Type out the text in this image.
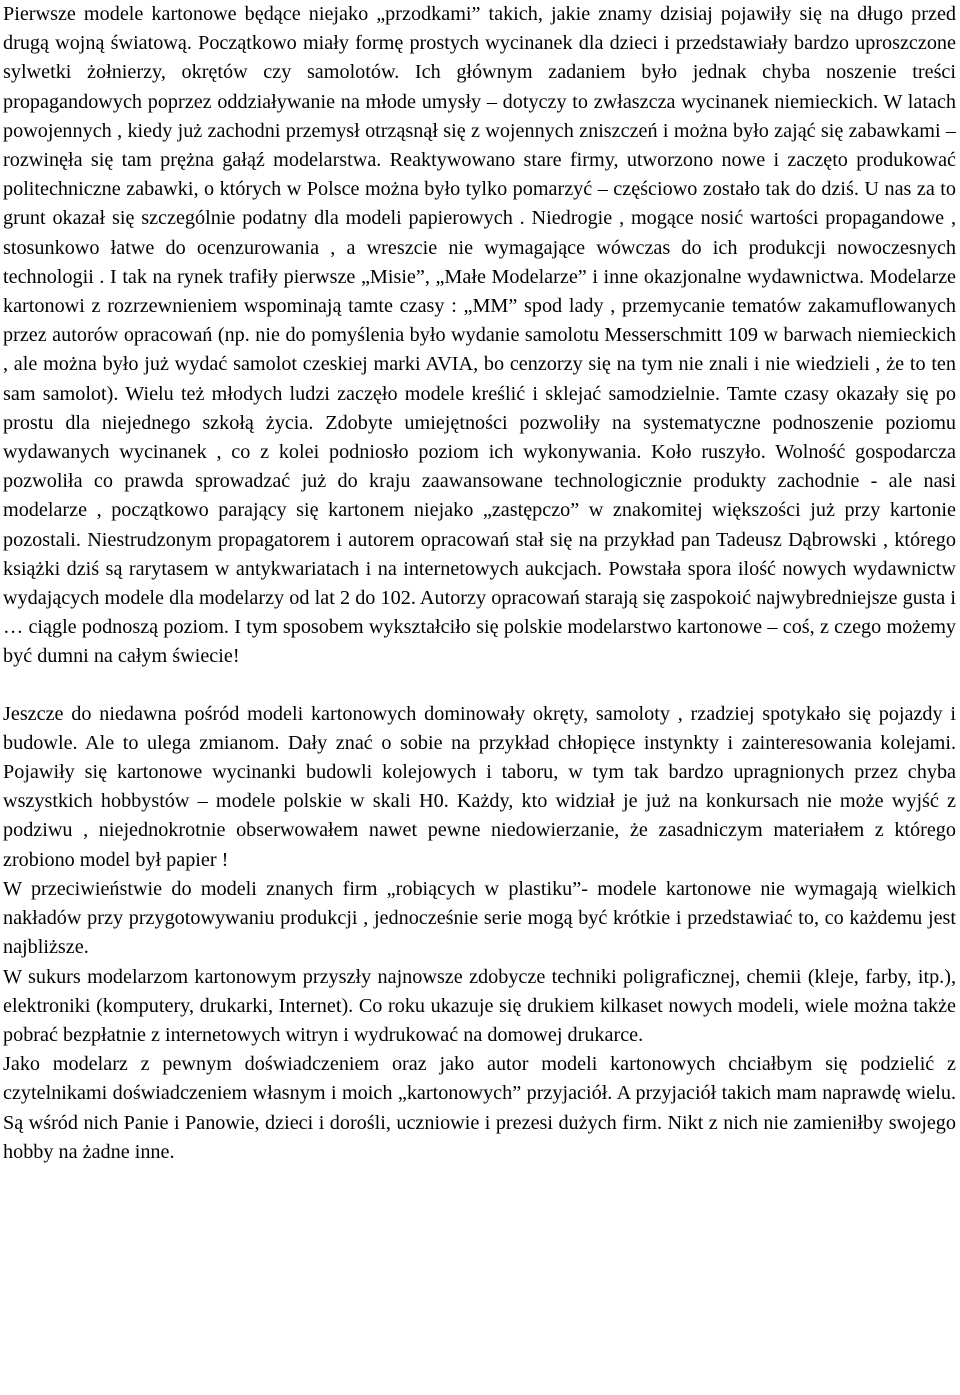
Pierwsze modele kartonowe będące niejako „przodkami” takich, jakie znamy dzisiaj pojawiły się na długo przed drugą wojną światową. Początkowo miały formę prostych wycinanek dla dzieci i przedstawiały bardzo uproszczone sylwetki żołnierzy, okrętów czy samolotów. Ich głównym zadaniem było jednak chyba noszenie treści propagandowych poprzez oddziaływanie na młode umysły – dotyczy to zwłaszcza wycinanek niemieckich. W latach powojennych , kiedy już zachodni przemysł otrząsnął się z wojennych zniszczeń i można było zająć się zabawkami – rozwinęła się tam prężna gałąź modelarstwa. Reaktywowano stare firmy, utworzono nowe i zaczęto produkować politechniczne zabawki, o których w Polsce można było tylko pomarzyć – częściowo zostało tak do dziś. U nas za to grunt okazał się szczególnie podatny dla modeli papierowych . Niedrogie , mogące nosić wartości propagandowe , stosunkowo łatwe do ocenzurowania , a wreszcie nie wymagające wówczas do ich produkcji nowoczesnych technologii . I tak na rynek trafiły pierwsze „Misie”, „Małe Modelarze” i inne okazjonalne wydawnictwa. Modelarze kartonowi z rozrzewnieniem wspominają tamte czasy : „MM” spod lady , przemycanie tematów zakamuflowanych przez autorów opracowań (np. nie do pomyślenia było wydanie samolotu Messerschmitt 109 w barwach niemieckich , ale można było już wydać samolot czeskiej marki AVIA, bo cenzorzy się na tym nie znali i nie wiedzieli , że to ten sam samolot). Wielu też młodych ludzi zaczęło modele kreślić i sklejać samodzielnie. Tamte czasy okazały się po prostu dla niejednego szkołą życia. Zdobyte umiejętności pozwoliły na systematyczne podnoszenie poziomu wydawanych wycinanek , co z kolei podniosło poziom ich wykonywania. Koło ruszyło. Wolność gospodarcza pozwoliła co prawda sprowadzać już do kraju zaawansowane technologicznie produkty zachodnie - ale nasi modelarze , początkowo parający się kartonem niejako „zastępczo” w znakomitej większości już przy kartonie pozostali. Niestrudzonym propagatorem i autorem opracowań stał się na przykład pan Tadeusz Dąbrowski , którego książki dziś są rarytasem w antykwariatach i na internetowych aukcjach. Powstała spora ilość nowych wydawnictw wydających modele dla modelarzy od lat 2 do 102. Autorzy opracowań starają się zaspokoić najwybredniejsze gusta i … ciągle podnoszą poziom. I tym sposobem wykształciło się polskie modelarstwo kartonowe – coś, z czego możemy być dumni na całym świecie!

Jeszcze do niedawna pośród modeli kartonowych dominowały okręty, samoloty , rzadziej spotykało się pojazdy i budowle. Ale to ulega zmianom. Dały znać o sobie na przykład chłopięce instynkty i zainteresowania kolejami. Pojawiły się kartonowe wycinanki budowli kolejowych i taboru, w tym tak bardzo upragnionych przez chyba wszystkich hobbystów – modele polskie w skali H0. Każdy, kto widział je już na konkursach nie może wyjść z podziwu , niejednokrotnie obserwowałem nawet pewne niedowierzanie, że zasadniczym materiałem z którego zrobiono model był papier !

W przeciwieństwie do modeli znanych firm „robiących w plastiku”- modele kartonowe nie wymagają wielkich nakładów przy przygotowywaniu produkcji , jednocześnie serie mogą być krótkie i przedstawiać to, co każdemu jest najbliższe.

W sukurs modelarzom kartonowym przyszły najnowsze zdobycze techniki poligraficznej, chemii (kleje, farby, itp.), elektroniki (komputery, drukarki, Internet). Co roku ukazuje się drukiem kilkaset nowych modeli, wiele można także pobrać bezpłatnie z internetowych witryn i wydrukować na domowej drukarce.

Jako modelarz z pewnym doświadczeniem oraz jako autor modeli kartonowych chciałbym się podzielić z czytelnikami doświadczeniem własnym i moich „kartonowych” przyjaciół. A przyjaciół takich mam naprawdę wielu. Są wśród nich Panie i Panowie, dzieci i dorośli, uczniowie i prezesi dużych firm. Nikt z nich nie zamieniłby swojego hobby na żadne inne.
